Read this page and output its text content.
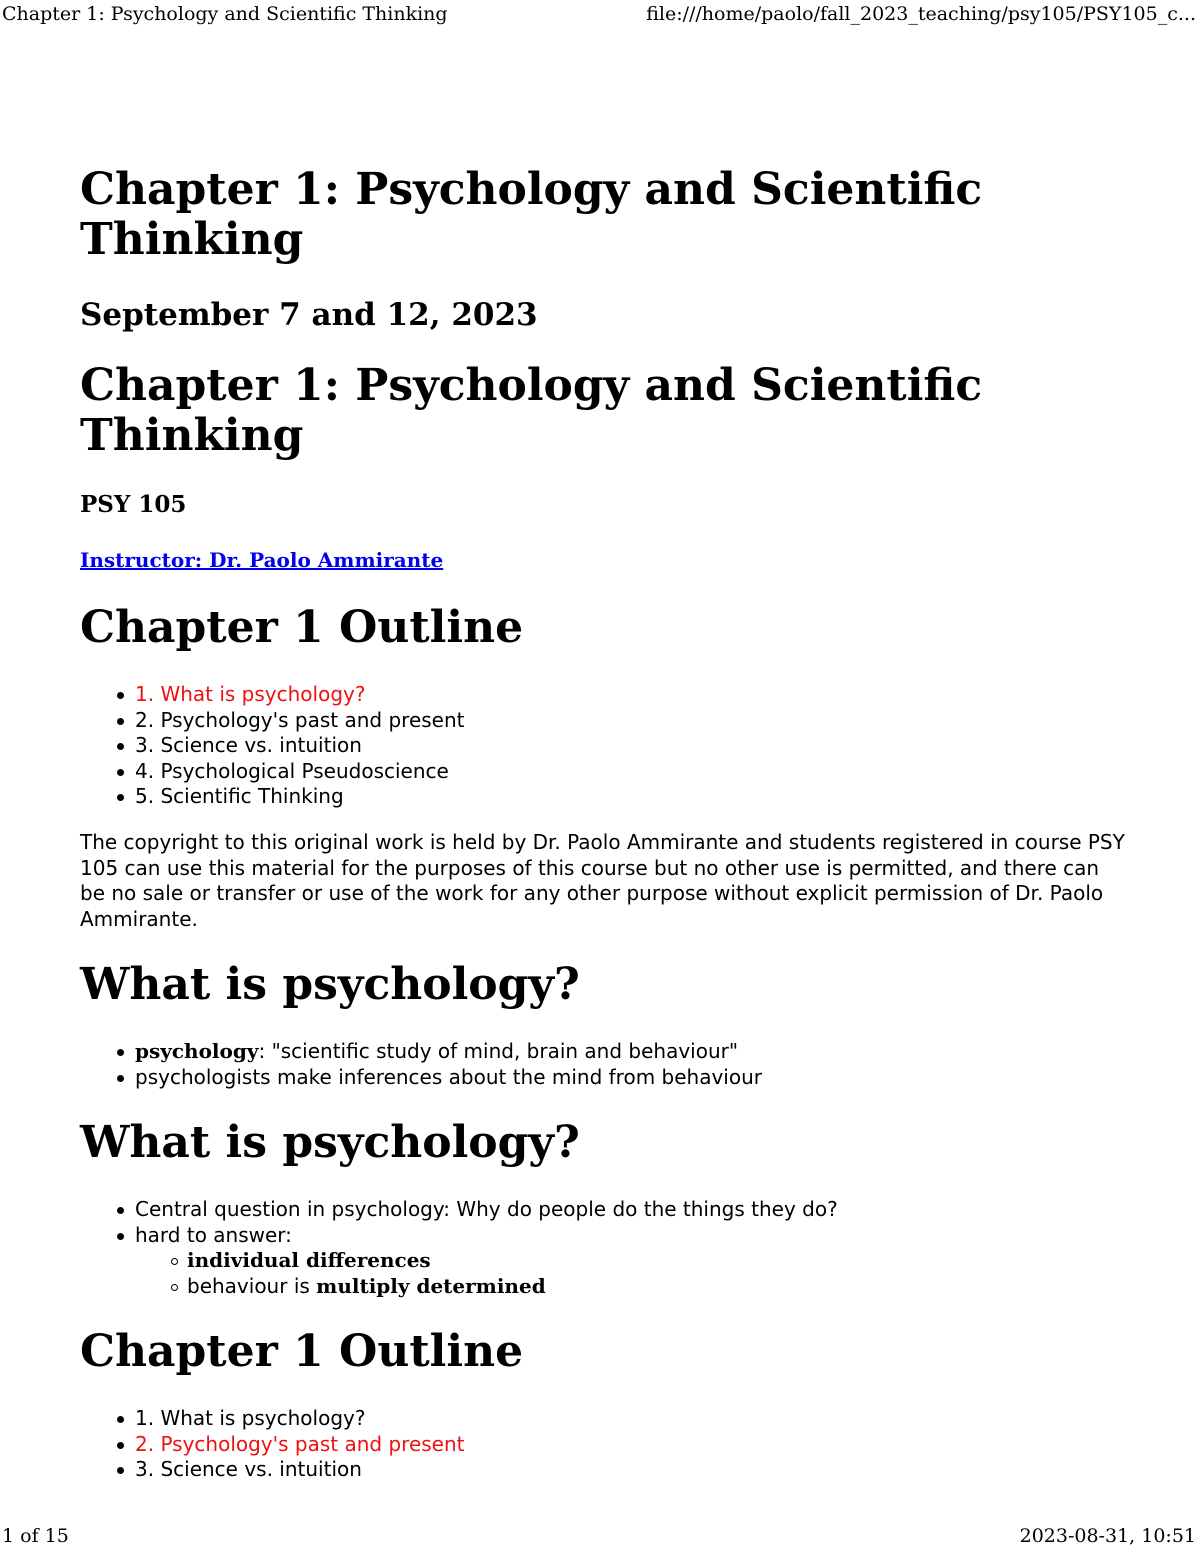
Chapter 1: Psychology and Scientific Thinking	file:///home/paolo/fall_2023_teaching/psy105/PSY105_c...
Chapter 1: Psychology and Scientific Thinking
September 7 and 12, 2023
Chapter 1: Psychology and Scientific Thinking
PSY 105
Instructor: Dr. Paolo Ammirante
Chapter 1 Outline
1. What is psychology?
2. Psychology's past and present
3. Science vs. intuition
4. Psychological Pseudoscience
5. Scientific Thinking

The copyright to this original work is held by Dr. Paolo Ammirante and students registered in course PSY 105 can use this material for the purposes of this course but no other use is permitted, and there can be no sale or transfer or use of the work for any other purpose without explicit permission of Dr. Paolo Ammirante.

What is psychology?
psychology: "scientific study of mind, brain and behaviour"
psychologists make inferences about the mind from behaviour
What is psychology?
Central question in psychology: Why do people do the things they do?
hard to answer:
individual differences
behaviour is multiply determined
Chapter 1 Outline
1. What is psychology?
2. Psychology's past and present
3. Science vs. intuition
1 of 15	2023-08-31, 10:51
